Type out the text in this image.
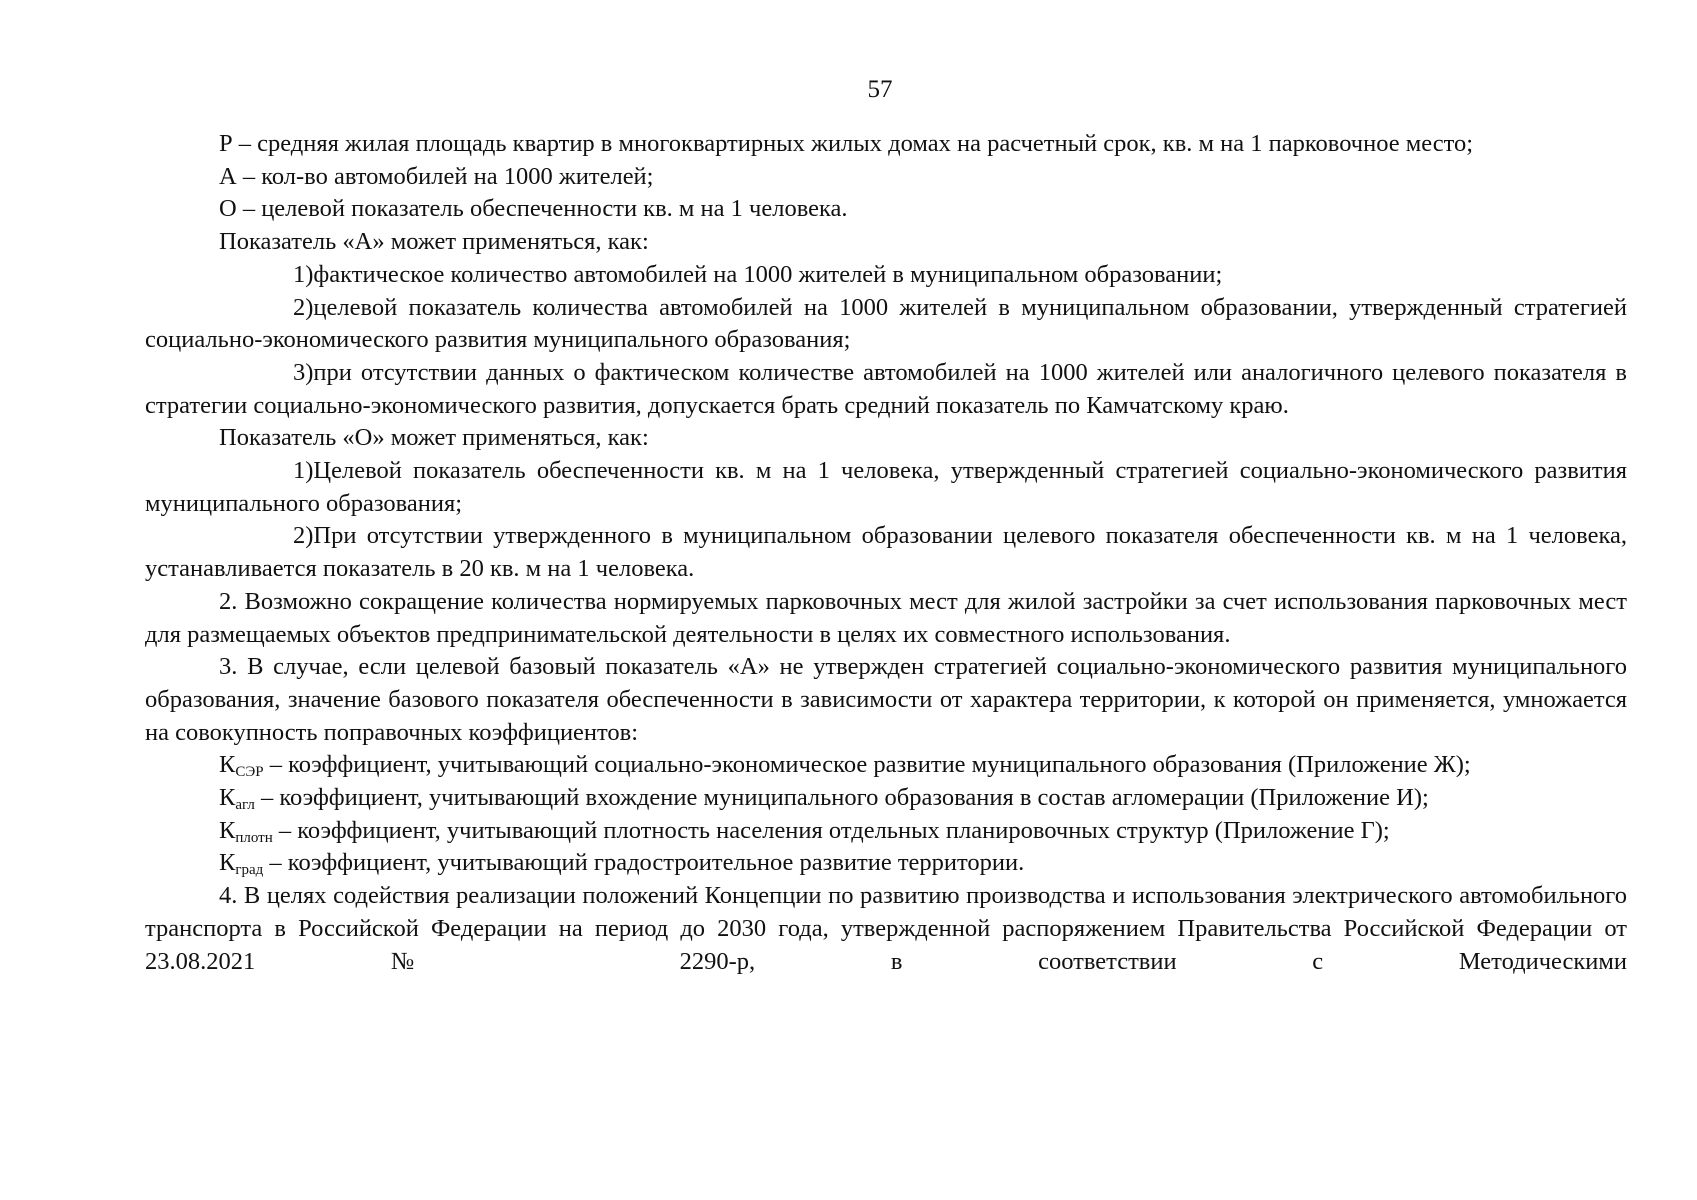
57

Р – средняя жилая площадь квартир в многоквартирных жилых домах на расчетный срок, кв. м на 1 парковочное место;

А – кол-во автомобилей на 1000 жителей;

О – целевой показатель обеспеченности кв. м на 1 человека.

Показатель «А» может применяться, как:

1)фактическое количество автомобилей на 1000 жителей в муниципальном образовании;

2)целевой показатель количества автомобилей на 1000 жителей в муниципальном образовании, утвержденный стратегией социально-экономического развития муниципального образования;

3)при отсутствии данных о фактическом количестве автомобилей на 1000 жителей или аналогичного целевого показателя в стратегии социально-экономического развития, допускается брать средний показатель по Камчатскому краю.

Показатель «О» может применяться, как:

1)Целевой показатель обеспеченности кв. м на 1 человека, утвержденный стратегией социально-экономического развития муниципального образования;

2)При отсутствии утвержденного в муниципальном образовании целевого показателя обеспеченности кв. м на 1 человека, устанавливается показатель в 20 кв. м на 1 человека.

2. Возможно сокращение количества нормируемых парковочных мест для жилой застройки за счет использования парковочных мест для размещаемых объектов предпринимательской деятельности в целях их совместного использования.

3. В случае, если целевой базовый показатель «А» не утвержден стратегией социально-экономического развития муниципального образования, значение базового показателя обеспеченности в зависимости от характера территории, к которой он применяется, умножается на совокупность поправочных коэффициентов:

$К_{СЭР}$ – коэффициент, учитывающий социально-экономическое развитие муниципального образования (Приложение Ж);

$К_{агл}$ – коэффициент, учитывающий вхождение муниципального образования в состав агломерации (Приложение И);

$К_{плотн}$ – коэффициент, учитывающий плотность населения отдельных планировочных структур (Приложение Г);

$К_{град}$ – коэффициент, учитывающий градостроительное развитие территории.

4. В целях содействия реализации положений Концепции по развитию производства и использования электрического автомобильного транспорта в Российской Федерации на период до 2030 года, утвержденной распоряжением Правительства Российской Федерации от 23.08.2021 № 2290-р, в соответствии с Методическими
